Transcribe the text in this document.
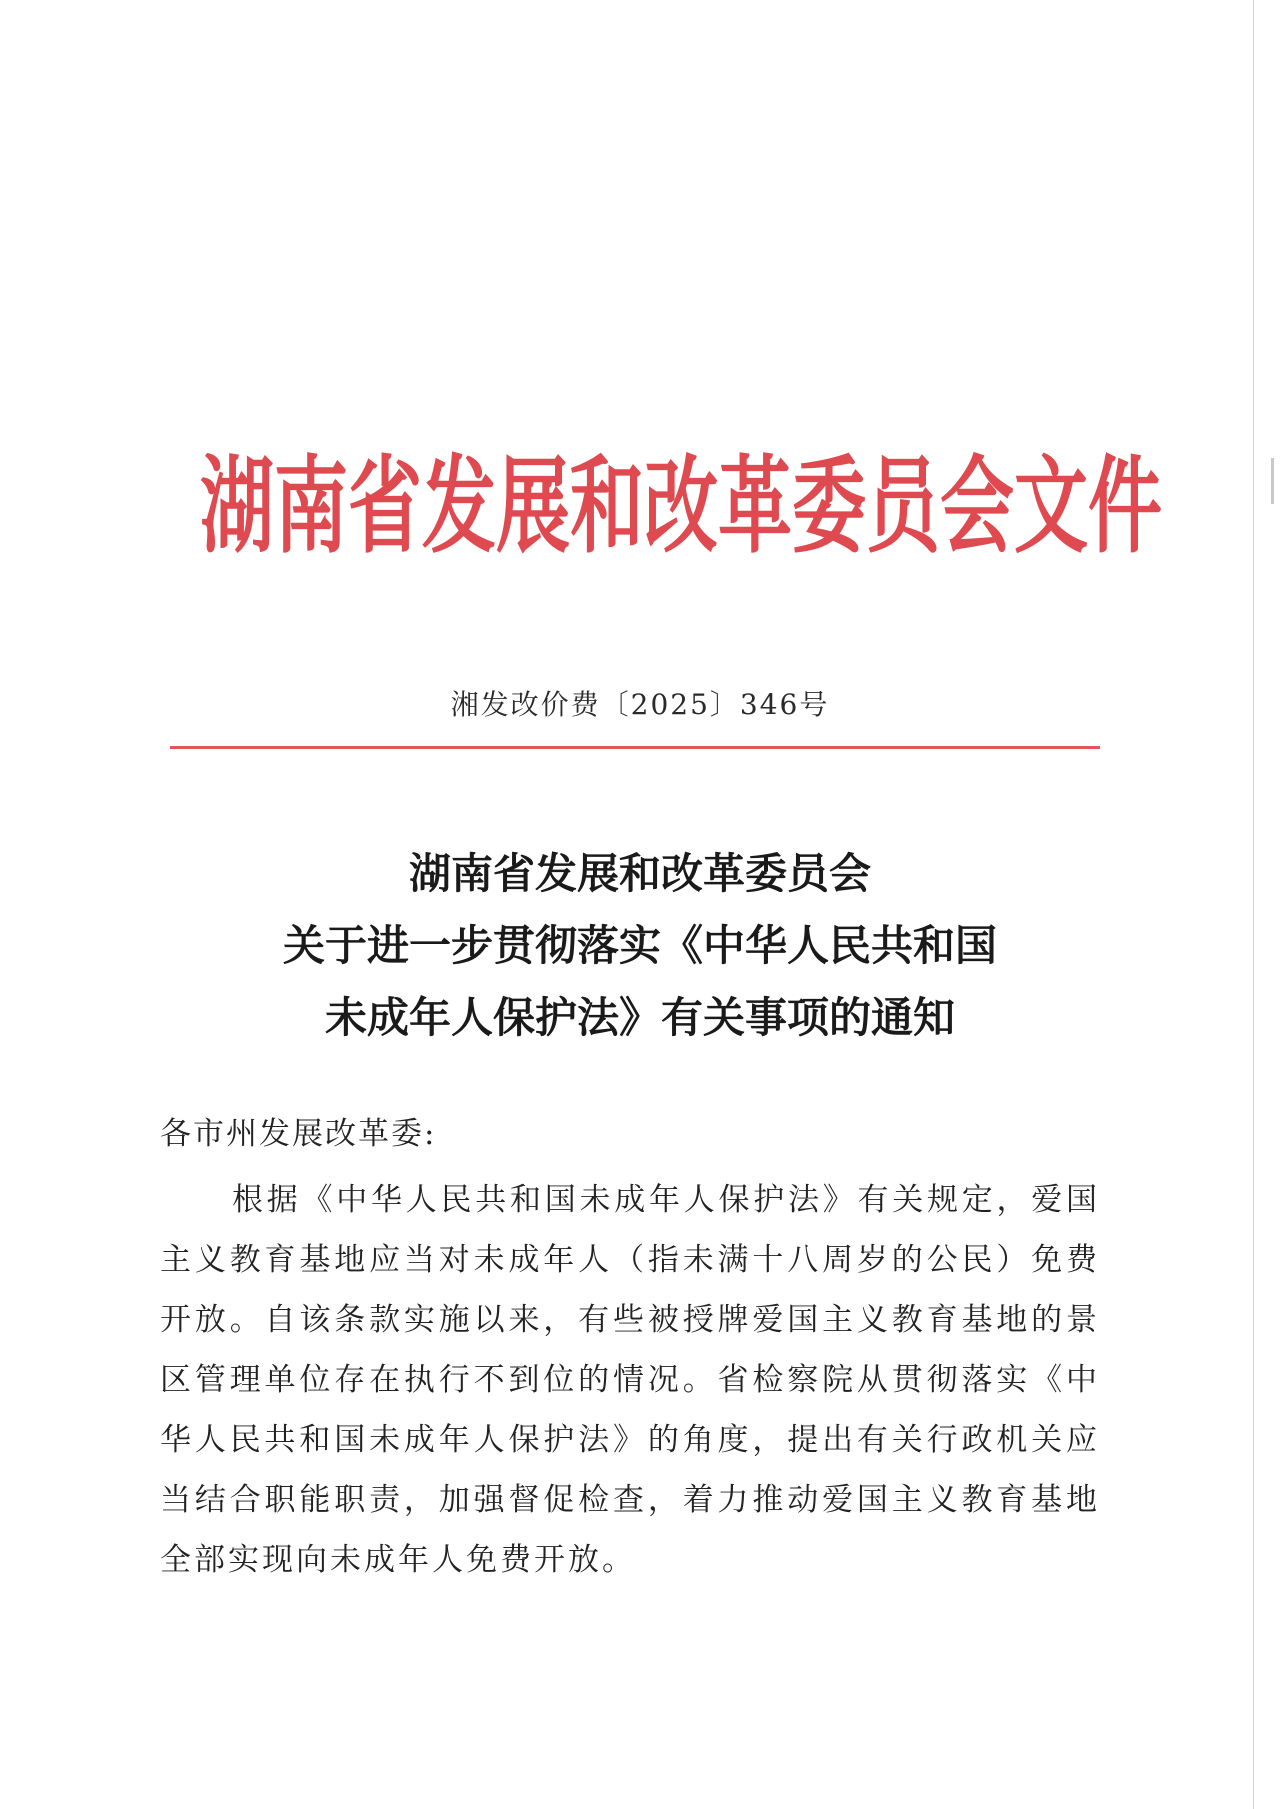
湖南省发展和改革委员会文件
湘发改价费〔2025〕346号
湖南省发展和改革委员会
关于进一步贯彻落实《中华人民共和国
未成年人保护法》有关事项的通知
各市州发展改革委:
根据《中华人民共和国未成年人保护法》有关规定，爱国
主义教育基地应当对未成年人（指未满十八周岁的公民）免费
开放。自该条款实施以来，有些被授牌爱国主义教育基地的景
区管理单位存在执行不到位的情况。省检察院从贯彻落实《中
华人民共和国未成年人保护法》的角度，提出有关行政机关应
当结合职能职责，加强督促检查，着力推动爱国主义教育基地
全部实现向未成年人免费开放。
